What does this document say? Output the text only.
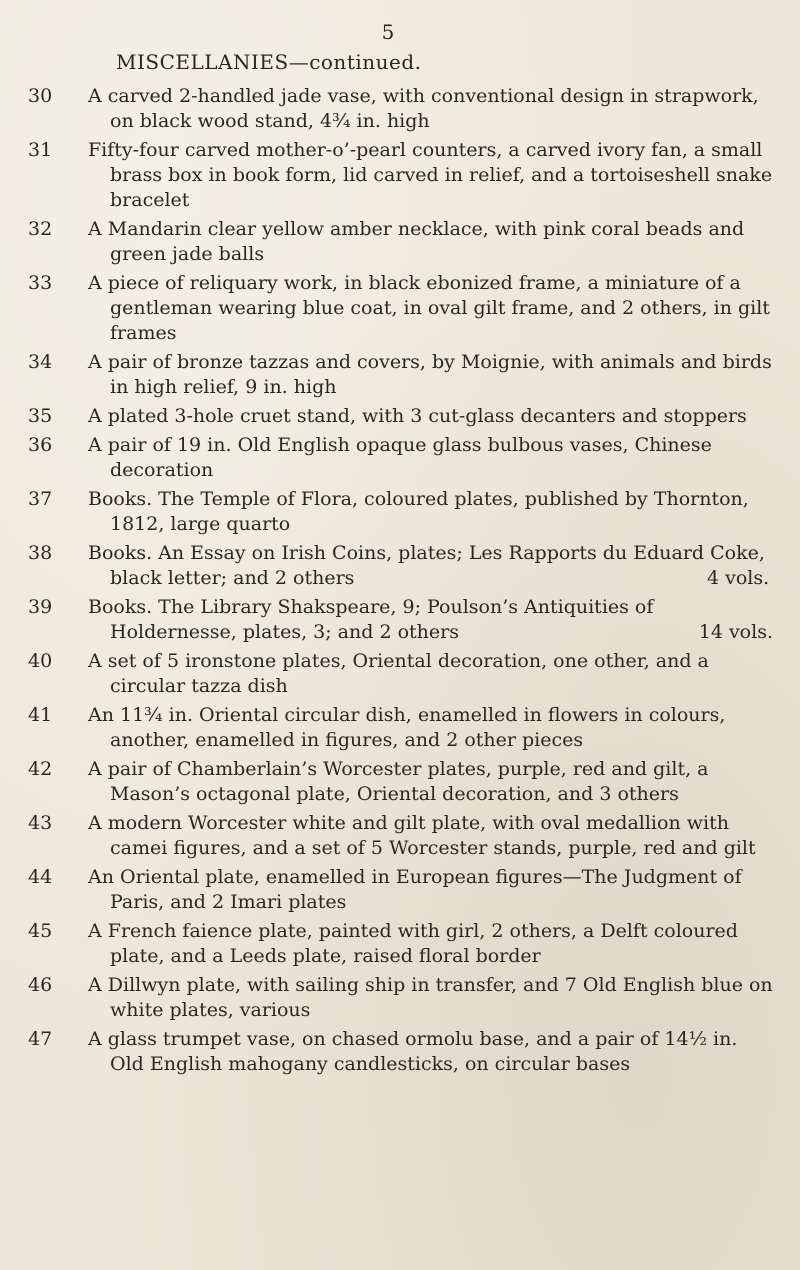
5
MISCELLANIES—continued.
30	A carved 2-handled jade vase, with conventional design in strapwork, on black wood stand, 4¾ in. high
31	Fifty-four carved mother-o’-pearl counters, a carved ivory fan, a small brass box in book form, lid carved in relief, and a tortoiseshell snake bracelet
32	A Mandarin clear yellow amber necklace, with pink coral beads and green jade balls
33	A piece of reliquary work, in black ebonized frame, a miniature of a gentleman wearing blue coat, in oval gilt frame, and 2 others, in gilt frames
34	A pair of bronze tazzas and covers, by Moignie, with animals and birds in high relief, 9 in. high
35	A plated 3-hole cruet stand, with 3 cut-glass decanters and stoppers
36	A pair of 19 in. Old English opaque glass bulbous vases, Chinese decoration
37	Books. The Temple of Flora, coloured plates, published by Thornton, 1812, large quarto
38	Books. An Essay on Irish Coins, plates; Les Rapports du Eduard Coke, black letter; and 2 others	4 vols.
39	Books. The Library Shakspeare, 9; Poulson’s Antiquities of Holdernesse, plates, 3; and 2 others	14 vols.
40	A set of 5 ironstone plates, Oriental decoration, one other, and a circular tazza dish
41	An 11¾ in. Oriental circular dish, enamelled in flowers in colours, another, enamelled in figures, and 2 other pieces
42	A pair of Chamberlain’s Worcester plates, purple, red and gilt, a Mason’s octagonal plate, Oriental decoration, and 3 others
43	A modern Worcester white and gilt plate, with oval medallion with camei figures, and a set of 5 Worcester stands, purple, red and gilt
44	An Oriental plate, enamelled in European figures—The Judgment of Paris, and 2 Imari plates
45	A French faience plate, painted with girl, 2 others, a Delft coloured plate, and a Leeds plate, raised floral border
46	A Dillwyn plate, with sailing ship in transfer, and 7 Old English blue on white plates, various
47	A glass trumpet vase, on chased ormolu base, and a pair of 14½ in. Old English mahogany candlesticks, on circular bases
